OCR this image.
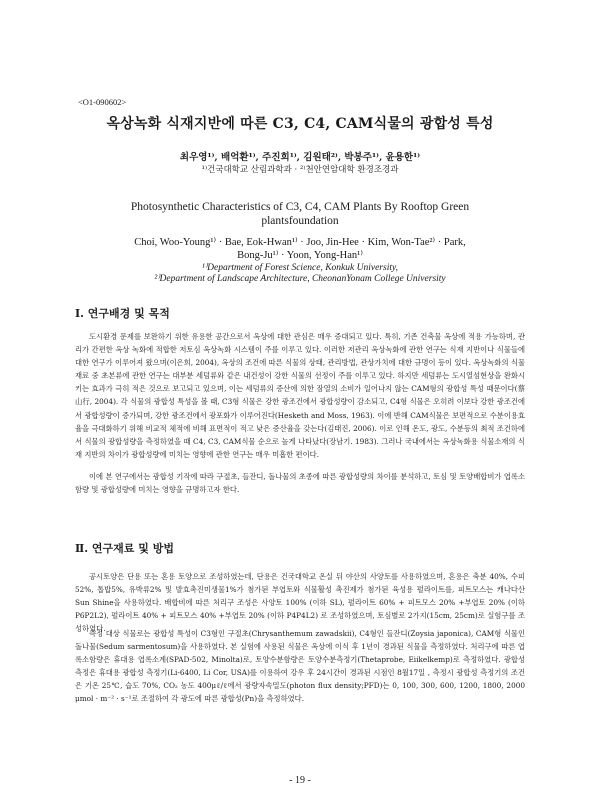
<O1-090602>
옥상녹화 식재지반에 따른 C3, C4, CAM식물의 광합성 특성
최우영¹⁾, 배억환¹⁾, 주진희¹⁾, 김원태²⁾, 박봉주¹⁾, 윤용한¹⁾
¹⁾건국대학교 산림과학과 · ²⁾천안연암대학 환경조경과
Photosynthetic Characteristics of C3, C4, CAM Plants By Rooftop Green plantsfoundation
Choi, Woo-Young¹⁾ · Bae, Eok-Hwan¹⁾ · Joo, Jin-Hee · Kim, Won-Tae²⁾ · Park,
Bong-Ju¹⁾ · Yoon, Yong-Han¹⁾
¹⁾Department of Forest Science, Konkuk University,
²⁾Department of Landscape Architecture, CheonanYonam College University
Ⅰ. 연구배경 및 목적

도시환경 문제를 보완하기 위한 유용한 공간으로서 옥상에 대한 관심은 매우 증대되고 있다. 특히, 기존 건축물 옥상에 적용 가능하며, 관리가 간편한 옥상 녹화에 적합한 저토심 옥상녹화 시스템이 주를 이루고 있다. 이러한 저관리 옥상녹화에 관한 연구는 식재 지반이나 식물들에 대한 연구가 이루어져 왔으며(이은희, 2004), 옥상의 조건에 따른 식물의 상태, 관리방법, 관상가치에 대한 규명이 등이 있다. 옥상녹화의 식물재료 중 초본류에 관한 연구는 대부분 세덤류와 같은 내건성이 강한 식물의 선정이 주를 이루고 있다. 하지만 세덤류는 도시열섬현상을 완화시키는 효과가 극히 적은 것으로 보고되고 있으며, 이는 세덤류의 증산에 의한 잠열의 소비가 일어나지 않는 CAM형의 광합성 특성 때문이다(蔡山行, 2004). 각 식물의 광합성 특성을 볼 때, C3형 식물은 강한 광조건에서 광합성량이 감소되고, C4형 식물은 오히려 이보다 강한 광조건에서 광합성량이 증가되며, 강한 광조건에서 광포화가 이루어진다(Hesketh and Moss, 1963). 이에 반해 CAM식물은 보편적으로 수분이용효율을 극대화하기 위해 비교적 체적에 비해 표면적이 적고 낮은 증산율을 갖는다(김태진, 2006). 이로 인해 온도, 광도, 수분등의 최적 조건하에서 식물의 광합성량을 측정하였을 때 C4, C3, CAM식물 순으로 높게 나타났다(장남기. 1983). 그러나 국내에서는 옥상녹화용 식물소재의 식재 지반의 차이가 광합성량에 미치는 영향에 관한 연구는 매우 미흡한 편이다.

이에 본 연구에서는 광합성 기작에 따라 구절초, 들잔디, 돌나물의 초종에 따른 광합성량의 차이를 분석하고, 토심 및 토양배합비가 엽록소함량 및 광합성량에 미치는 영향을 규명하고자 한다.

Ⅱ. 연구재료 및 방법

공시토양은 단용 또는 혼용 토양으로 조성하였는데, 단용은 건국대학교 온실 뒤 야산의 사양토를 사용하였으며, 혼용은 축분 40%, 수피52%, 톱밥5%, 유박류2% 및 발효촉진미생물1%가 첨가된 부엽토와 식물활성 촉진제가 첨가된 육성용 펄라이트를, 피트모스는 캐나다산 Sun Shine을 사용하였다. 배합비에 따른 처리구 조성은 사양토 100% (이하 SL), 펄라이트 60% + 피트모스 20% +부엽토 20% (이하 P6P2L2), 펄라이트 40% + 피트모스 40% +부엽토 20% (이하 P4P4L2) 로 조성하였으며, 토심별로 2가지(15cm, 25cm)로 실험구를 조성하였다.

측정 대상 식물로는 광합성 특성이 C3형인 구절초(Chrysanthemum zawadskii), C4형인 들잔디(Zoysia japonica), CAM형 식물인 돌나물(Sedum sarmentosum)을 사용하였다. 본 실험에 사용된 식물은 옥상에 이식 후 1년이 경과된 식물을 측정하였다. 처리구에 따른 엽록소함량은 휴대용 엽록소계(SPAD-502, Minolta)로, 토양수분함량은 토양수분측정기(Thetaprobe, Eiikelkemp)로 측정하였다. 광합성 측정은 휴대용 광합성 측정기(Li-6400, Li Cor, USA)를 이용하여 강우 후 24시간이 경과된 시점인 8월17일 , 측정시 광합성 측정기의 조건은 기온 25℃, 습도 70%, CO₂ 농도 400μℓ/ℓ에서 광량자속밀도(photon flux density;PFD)는 0, 100, 300, 600, 1200, 1800, 2000 μmol · m⁻² · s⁻¹로 조절하여 각 광도에 따른 광합성(Pn)을 측정하였다.

- 19 -
